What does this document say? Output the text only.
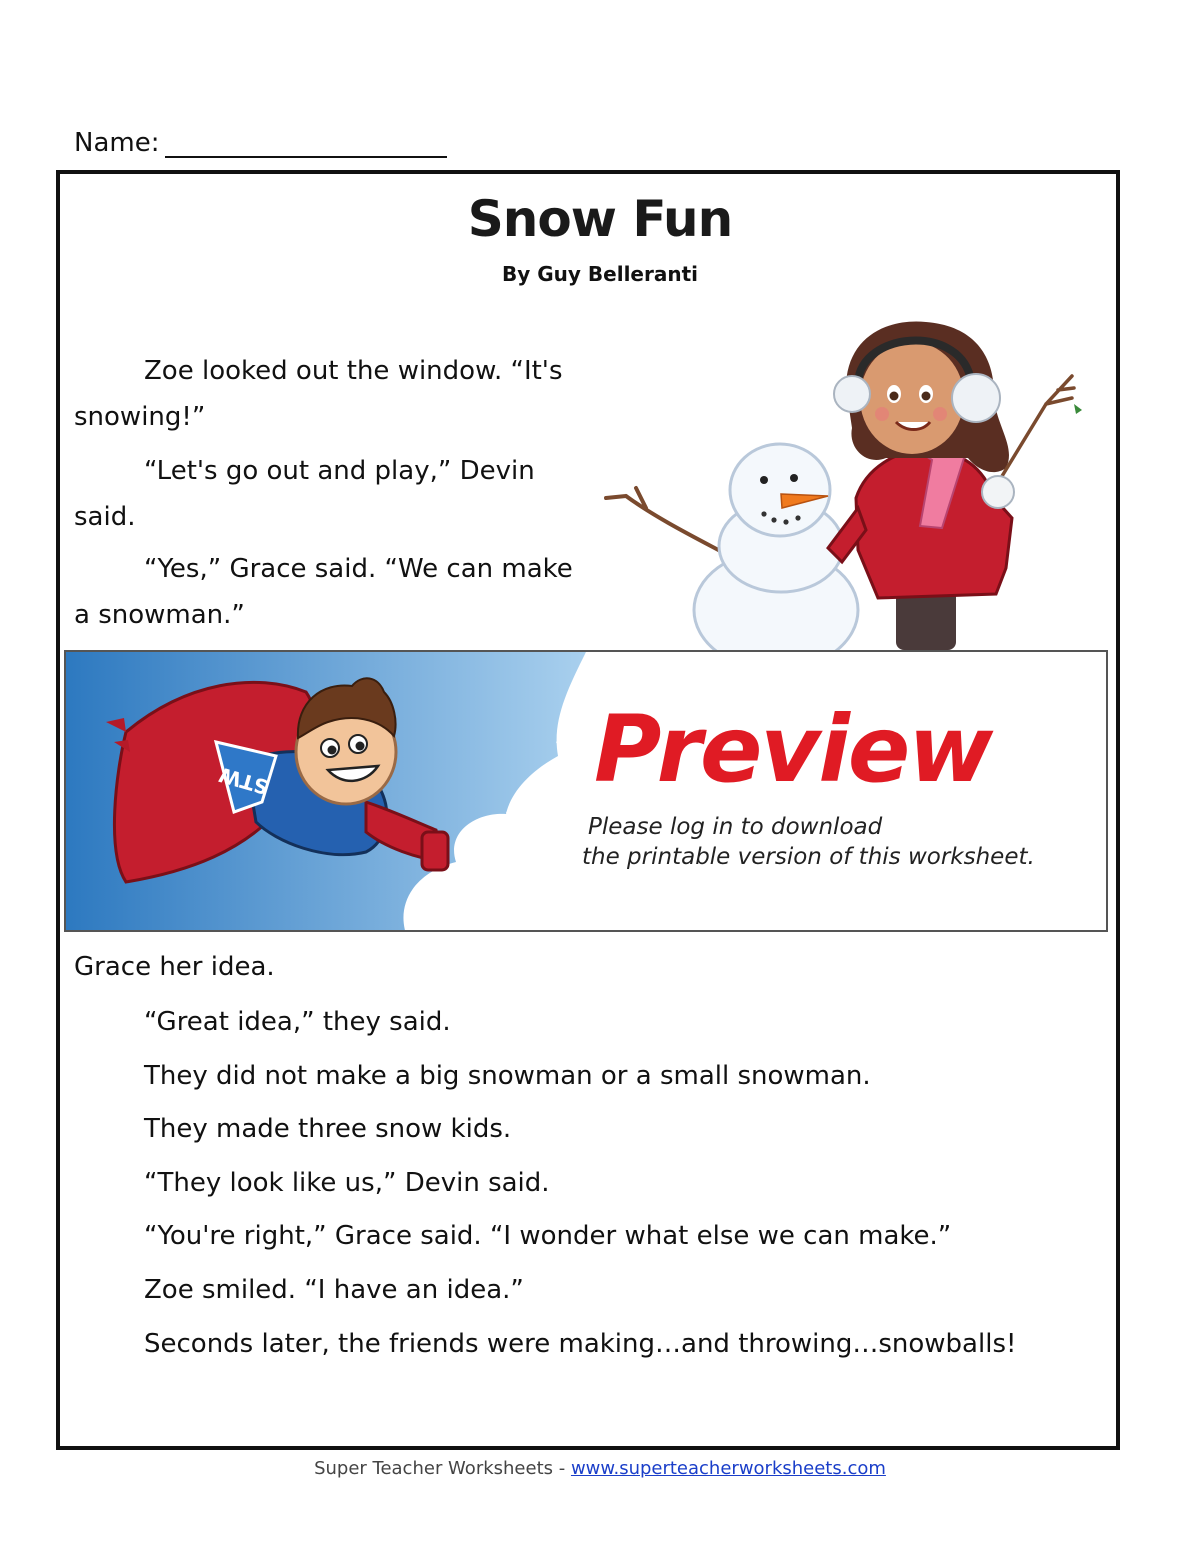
Name:
Snow Fun
By Guy Belleranti

Zoe looked out the window. “It's snowing!”

“Let's go out and play,” Devin said.

“Yes,” Grace said. “We can make a snowman.”

STW	Preview
Please log in to download
the printable version of this worksheet.
Grace her idea.
“Great idea,” they said.
They did not make a big snowman or a small snowman.
They made three snow kids.
“They look like us,” Devin said.
“You're right,” Grace said. “I wonder what else we can make.”
Zoe smiled. “I have an idea.”
Seconds later, the friends were making…and throwing…snowballs!
Super Teacher Worksheets - www.superteacherworksheets.com
